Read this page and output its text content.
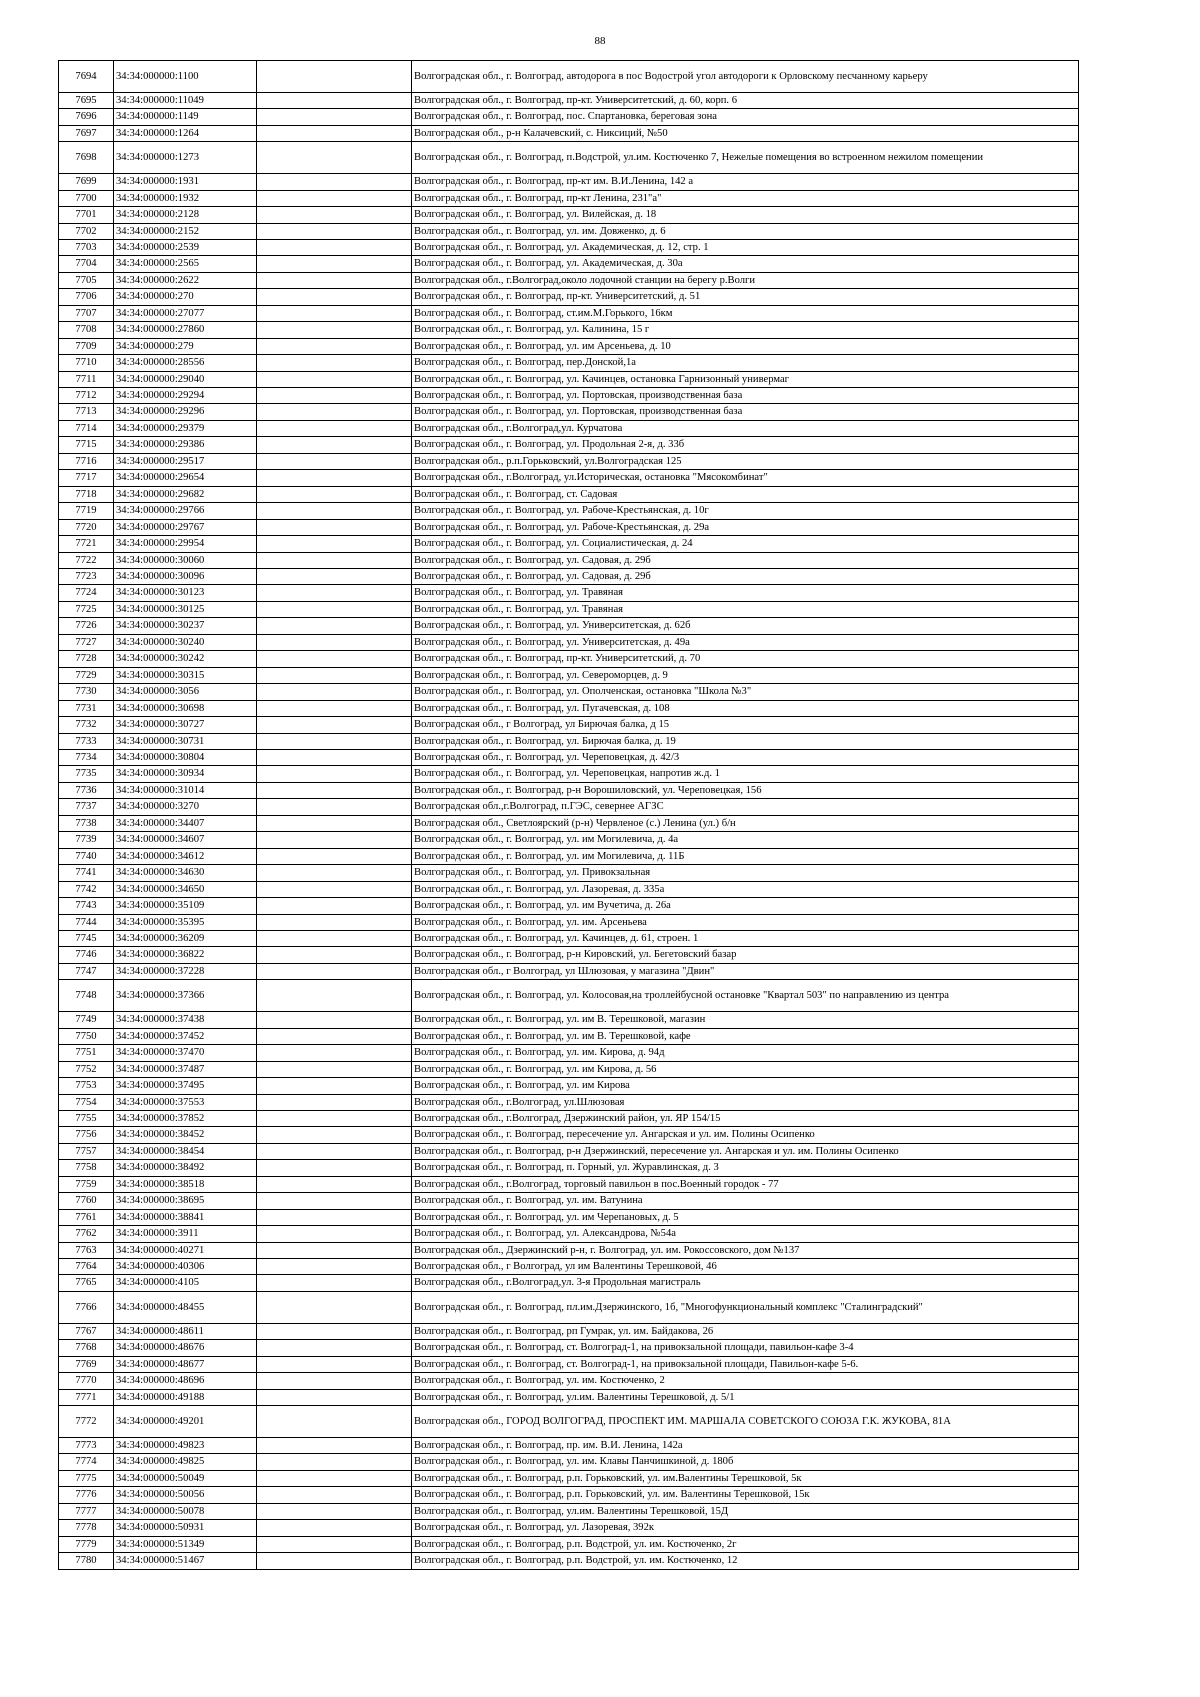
88
7694	34:34:000000:1100		Волгоградская обл., г. Волгоград, автодорога в пос Водострой угол автодороги к Орловскому песчанному карьеру
7695	34:34:000000:11049		Волгоградская обл., г. Волгоград, пр-кт. Университетский, д. 60, корп. 6
7696	34:34:000000:1149		Волгоградская обл., г. Волгоград, пос. Спартановка, береговая зона
7697	34:34:000000:1264		Волгоградская обл., р-н Калачевский, с. Никсиций, №50
7698	34:34:000000:1273		Волгоградская обл., г. Волгоград, п.Водстрой, ул.им. Костюченко 7, Нежелые помещения во встроенном нежилом помещении
7699	34:34:000000:1931		Волгоградская обл., г. Волгоград, пр-кт им. В.И.Ленина, 142 а
7700	34:34:000000:1932		Волгоградская обл., г. Волгоград, пр-кт Ленина, 231"а"
7701	34:34:000000:2128		Волгоградская обл., г. Волгоград, ул. Вилейская, д. 18
7702	34:34:000000:2152		Волгоградская обл., г. Волгоград, ул. им. Довженко, д. 6
7703	34:34:000000:2539		Волгоградская обл., г. Волгоград, ул. Академическая, д. 12, стр. 1
7704	34:34:000000:2565		Волгоградская обл., г. Волгоград, ул. Академическая, д. 30а
7705	34:34:000000:2622		Волгоградская обл., г.Волгоград,около лодочной станции на берегу р.Волги
7706	34:34:000000:270		Волгоградская обл., г. Волгоград, пр-кт. Университетский, д. 51
7707	34:34:000000:27077		Волгоградская обл., г. Волгоград, ст.им.М.Горького, 16км
7708	34:34:000000:27860		Волгоградская обл., г. Волгоград, ул. Калинина, 15 г
7709	34:34:000000:279		Волгоградская обл., г. Волгоград, ул. им Арсеньева, д. 10
7710	34:34:000000:28556		Волгоградская обл., г. Волгоград, пер.Донской,1а
7711	34:34:000000:29040		Волгоградская обл., г. Волгоград, ул. Качинцев, остановка Гарнизонный универмаг
7712	34:34:000000:29294		Волгоградская обл., г. Волгоград, ул. Портовская, производственная база
7713	34:34:000000:29296		Волгоградская обл., г. Волгоград, ул. Портовская, производственная база
7714	34:34:000000:29379		Волгоградская обл., г.Волгоград,ул. Курчатова
7715	34:34:000000:29386		Волгоградская обл., г. Волгоград, ул. Продольная 2-я, д. 33б
7716	34:34:000000:29517		Волгоградская обл., р.п.Горьковский, ул.Волгоградская 125
7717	34:34:000000:29654		Волгоградская обл., г.Волгоград, ул.Историческая, остановка "Мясокомбинат"
7718	34:34:000000:29682		Волгоградская обл., г. Волгоград, ст. Садовая
7719	34:34:000000:29766		Волгоградская обл., г. Волгоград, ул. Рабоче-Крестьянская, д. 10г
7720	34:34:000000:29767		Волгоградская обл., г. Волгоград, ул. Рабоче-Крестьянская, д. 29а
7721	34:34:000000:29954		Волгоградская обл., г. Волгоград, ул. Социалистическая, д. 24
7722	34:34:000000:30060		Волгоградская обл., г. Волгоград, ул. Садовая, д. 29б
7723	34:34:000000:30096		Волгоградская обл., г. Волгоград, ул. Садовая, д. 29б
7724	34:34:000000:30123		Волгоградская обл., г. Волгоград, ул. Травяная
7725	34:34:000000:30125		Волгоградская обл., г. Волгоград, ул. Травяная
7726	34:34:000000:30237		Волгоградская обл., г. Волгоград, ул. Университетская, д. 62б
7727	34:34:000000:30240		Волгоградская обл., г. Волгоград, ул. Университетская, д. 49а
7728	34:34:000000:30242		Волгоградская обл., г. Волгоград, пр-кт. Университетский, д. 70
7729	34:34:000000:30315		Волгоградская обл., г. Волгоград, ул. Североморцев, д. 9
7730	34:34:000000:3056		Волгоградская обл., г. Волгоград, ул. Ополченская, остановка "Школа №3"
7731	34:34:000000:30698		Волгоградская обл., г. Волгоград, ул. Пугачевская, д. 108
7732	34:34:000000:30727		Волгоградская обл., г Волгоград, ул Бирючая балка, д 15
7733	34:34:000000:30731		Волгоградская обл., г. Волгоград, ул. Бирючая балка, д. 19
7734	34:34:000000:30804		Волгоградская обл., г. Волгоград, ул. Череповецкая, д. 42/3
7735	34:34:000000:30934		Волгоградская обл., г. Волгоград, ул. Череповецкая, напротив ж.д. 1
7736	34:34:000000:31014		Волгоградская обл., г. Волгоград, р-н Ворошиловский, ул. Череповецкая, 156
7737	34:34:000000:3270		Волгоградская обл.,г.Волгоград, п.ГЭС, севернее АГЗС
7738	34:34:000000:34407		Волгоградская обл., Светлоярский (р-н) Червленое (с.) Ленина (ул.) б/н
7739	34:34:000000:34607		Волгоградская обл., г. Волгоград, ул. им Могилевича, д. 4а
7740	34:34:000000:34612		Волгоградская обл., г. Волгоград, ул. им Могилевича, д. 11Б
7741	34:34:000000:34630		Волгоградская обл., г. Волгоград, ул. Привокзальная
7742	34:34:000000:34650		Волгоградская обл., г. Волгоград, ул. Лазоревая, д. 335а
7743	34:34:000000:35109		Волгоградская обл., г. Волгоград, ул. им Вучетича, д. 26а
7744	34:34:000000:35395		Волгоградская обл., г. Волгоград, ул. им. Арсеньева
7745	34:34:000000:36209		Волгоградская обл., г. Волгоград, ул. Качинцев, д. 61, строен. 1
7746	34:34:000000:36822		Волгоградская обл., г. Волгоград, р-н Кировский, ул. Бегетовский базар
7747	34:34:000000:37228		Волгоградская обл., г Волгоград, ул Шлюзовая, у магазина "Двин"
7748	34:34:000000:37366		Волгоградская обл., г. Волгоград, ул. Колосовая,на троллейбусной остановке "Квартал 503" по направлению из центра
7749	34:34:000000:37438		Волгоградская обл., г. Волгоград, ул. им В. Терешковой, магазин
7750	34:34:000000:37452		Волгоградская обл., г. Волгоград, ул. им В. Терешковой, кафе
7751	34:34:000000:37470		Волгоградская обл., г. Волгоград, ул. им. Кирова, д. 94д
7752	34:34:000000:37487		Волгоградская обл., г. Волгоград, ул. им Кирова, д. 56
7753	34:34:000000:37495		Волгоградская обл., г. Волгоград, ул. им Кирова
7754	34:34:000000:37553		Волгоградская обл., г.Волгоград, ул.Шлюзовая
7755	34:34:000000:37852		Волгоградская обл., г.Волгоград, Дзержинский район, ул. ЯР 154/15
7756	34:34:000000:38452		Волгоградская обл., г. Волгоград, пересечение ул. Ангарская и ул. им. Полины Осипенко
7757	34:34:000000:38454		Волгоградская обл., г. Волгоград, р-н Дзержинский, пересечение ул. Ангарская и ул. им. Полины Осипенко
7758	34:34:000000:38492		Волгоградская обл., г. Волгоград, п. Горный, ул. Журавлинская, д. 3
7759	34:34:000000:38518		Волгоградская обл., г.Волгоград, торговый павильон в пос.Военный городок - 77
7760	34:34:000000:38695		Волгоградская обл., г. Волгоград, ул. им. Ватунина
7761	34:34:000000:38841		Волгоградская обл., г. Волгоград, ул. им Черепановых, д. 5
7762	34:34:000000:3911		Волгоградская обл., г. Волгоград, ул. Александрова, №54а
7763	34:34:000000:40271		Волгоградская обл., Дзержинский р-н, г. Волгоград, ул. им. Рокоссовского, дом №137
7764	34:34:000000:40306		Волгоградская обл., г Волгоград, ул им Валентины Терешковой, 46
7765	34:34:000000:4105		Волгоградская обл., г.Волгоград,ул. 3-я Продольная магистраль
7766	34:34:000000:48455		Волгоградская обл., г. Волгоград, пл.им.Дзержинского, 1б, "Многофункциональный комплекс "Сталинградский"
7767	34:34:000000:48611		Волгоградская обл., г. Волгоград, рп Гумрак, ул. им. Байдакова, 26
7768	34:34:000000:48676		Волгоградская обл., г. Волгоград, ст. Волгоград-1, на привокзальной площади, павильон-кафе 3-4
7769	34:34:000000:48677		Волгоградская обл., г. Волгоград, ст. Волгоград-1, на привокзальной площади, Павильон-кафе 5-6.
7770	34:34:000000:48696		Волгоградская обл., г. Волгоград, ул. им. Костюченко, 2
7771	34:34:000000:49188		Волгоградская обл., г. Волгоград, ул.им. Валентины Терешковой, д. 5/1
7772	34:34:000000:49201		Волгоградская обл., ГОРОД ВОЛГОГРАД, ПРОСПЕКТ ИМ. МАРШАЛА СОВЕТСКОГО СОЮЗА Г.К. ЖУКОВА, 81А
7773	34:34:000000:49823		Волгоградская обл., г. Волгоград, пр. им. В.И. Ленина, 142а
7774	34:34:000000:49825		Волгоградская обл., г. Волгоград, ул. им. Клавы Панчишкиной, д. 180б
7775	34:34:000000:50049		Волгоградская обл., г. Волгоград, р.п. Горьковский, ул. им.Валентины Терешковой, 5к
7776	34:34:000000:50056		Волгоградская обл., г. Волгоград, р.п. Горьковский, ул. им. Валентины Терешковой, 15к
7777	34:34:000000:50078		Волгоградская обл., г. Волгоград, ул.им. Валентины Терешковой, 15Д
7778	34:34:000000:50931		Волгоградская обл., г. Волгоград, ул. Лазоревая, 392к
7779	34:34:000000:51349		Волгоградская обл., г. Волгоград, р.п. Водстрой, ул. им. Костюченко, 2г
7780	34:34:000000:51467		Волгоградская обл., г. Волгоград, р.п. Водстрой, ул. им. Костюченко, 12
